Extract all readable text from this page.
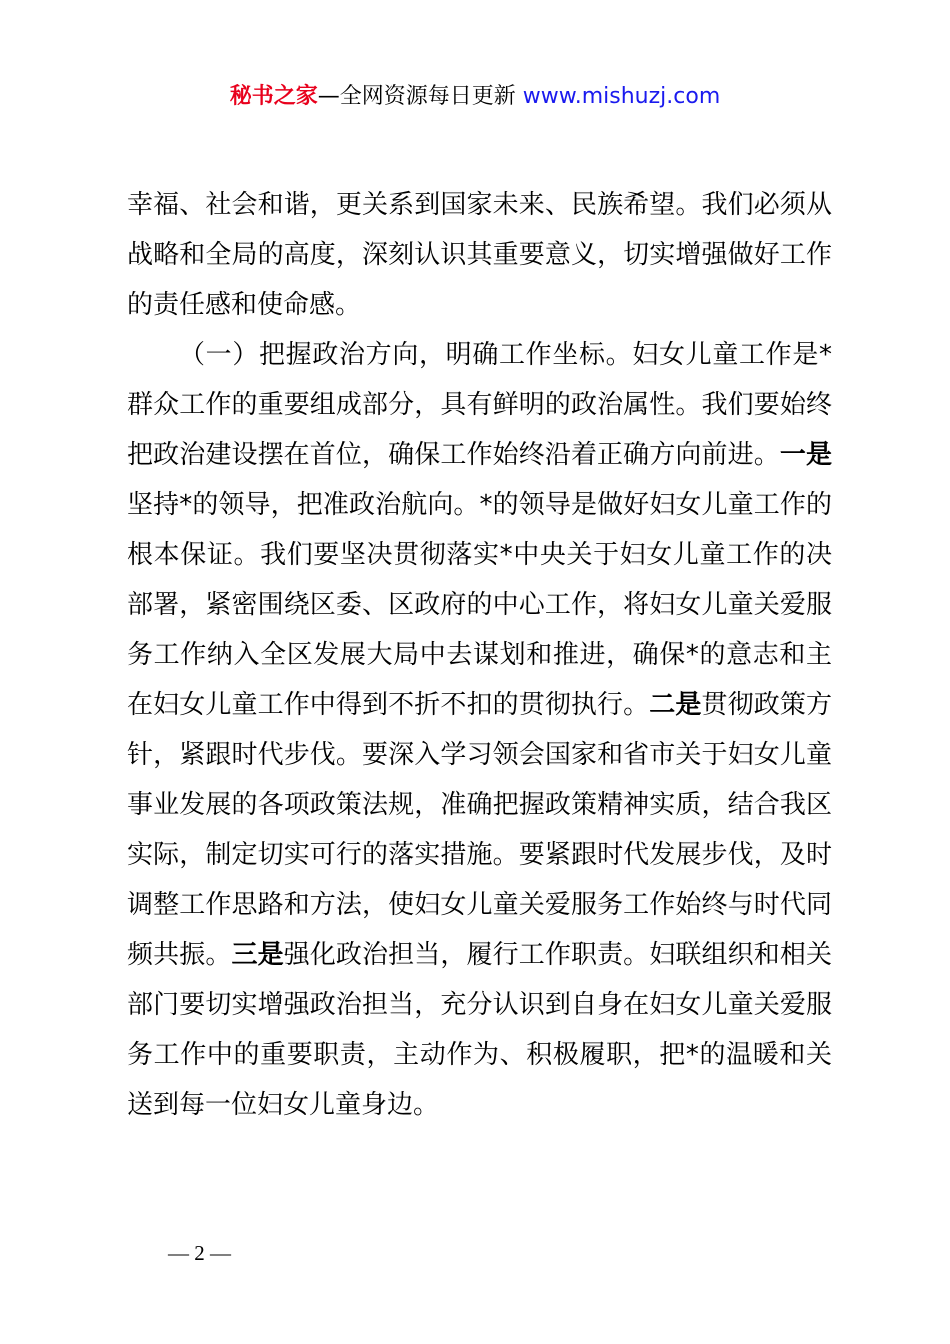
秘书之家—全网资源每日更新 www.mishuzj.com
幸福、社会和谐，更关系到国家未来、民族希望。我们必须从
战略和全局的高度，深刻认识其重要意义，切实增强做好工作
的责任感和使命感。
（一）把握政治方向，明确工作坐标。妇女儿童工作是*
群众工作的重要组成部分，具有鲜明的政治属性。我们要始终
把政治建设摆在首位，确保工作始终沿着正确方向前进。一是
坚持*的领导，把准政治航向。*的领导是做好妇女儿童工作的
根本保证。我们要坚决贯彻落实*中央关于妇女儿童工作的决
部署，紧密围绕区委、区政府的中心工作，将妇女儿童关爱服
务工作纳入全区发展大局中去谋划和推进，确保*的意志和主
在妇女儿童工作中得到不折不扣的贯彻执行。二是贯彻政策方
针，紧跟时代步伐。要深入学习领会国家和省市关于妇女儿童
事业发展的各项政策法规，准确把握政策精神实质，结合我区
实际，制定切实可行的落实措施。要紧跟时代发展步伐，及时
调整工作思路和方法，使妇女儿童关爱服务工作始终与时代同
频共振。三是强化政治担当，履行工作职责。妇联组织和相关
部门要切实增强政治担当，充分认识到自身在妇女儿童关爱服
务工作中的重要职责，主动作为、积极履职，把*的温暖和关
送到每一位妇女儿童身边。
— 2 —
